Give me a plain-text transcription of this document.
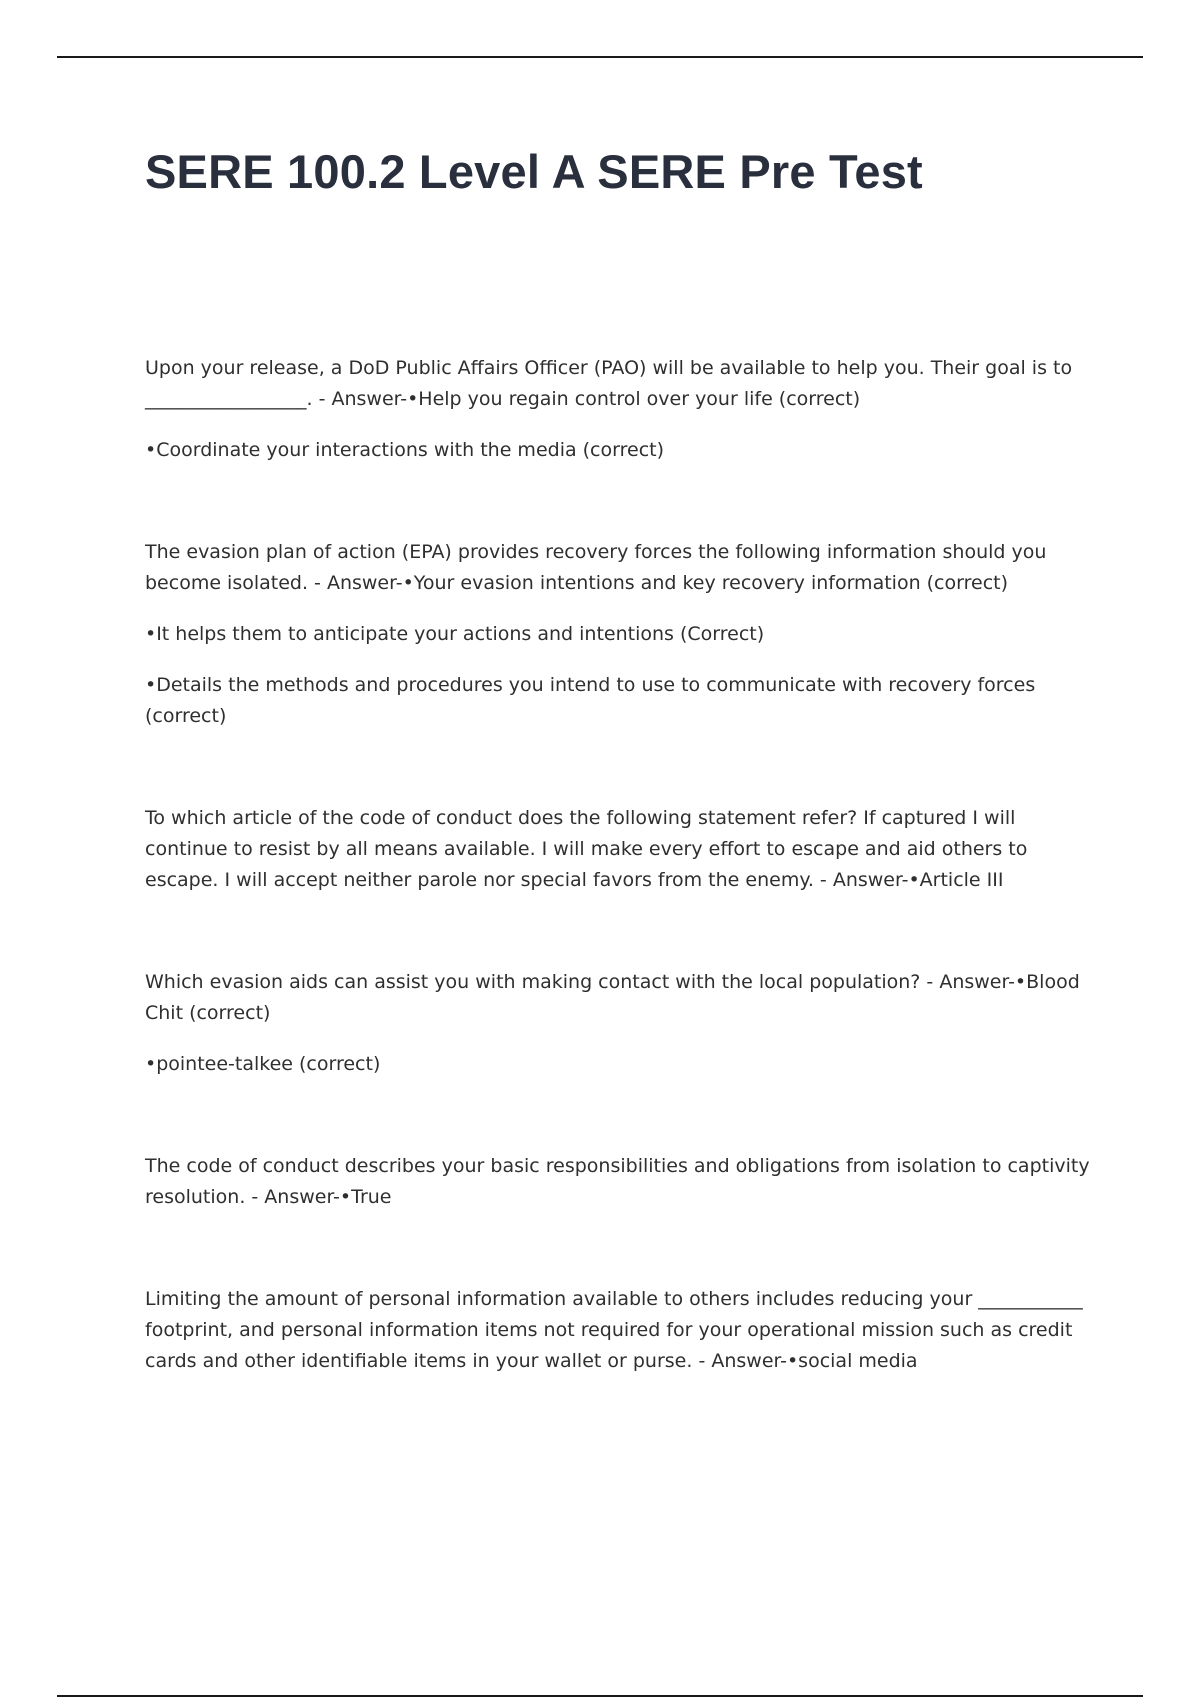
SERE 100.2 Level A SERE Pre Test

Upon your release, a DoD Public Affairs Officer (PAO) will be available to help you. Their goal is to _________________. - Answer-•Help you regain control over your life (correct)

•Coordinate your interactions with the media (correct)

The evasion plan of action (EPA) provides recovery forces the following information should you become isolated. - Answer-•Your evasion intentions and key recovery information (correct)

•It helps them to anticipate your actions and intentions (Correct)

•Details the methods and procedures you intend to use to communicate with recovery forces (correct)

To which article of the code of conduct does the following statement refer? If captured I will continue to resist by all means available. I will make every effort to escape and aid others to escape. I will accept neither parole nor special favors from the enemy. - Answer-•Article III

Which evasion aids can assist you with making contact with the local population? - Answer-•Blood Chit (correct)

•pointee-talkee (correct)

The code of conduct describes your basic responsibilities and obligations from isolation to captivity resolution. - Answer-•True

Limiting the amount of personal information available to others includes reducing your ___________ footprint, and personal information items not required for your operational mission such as credit cards and other identifiable items in your wallet or purse. - Answer-•social media
